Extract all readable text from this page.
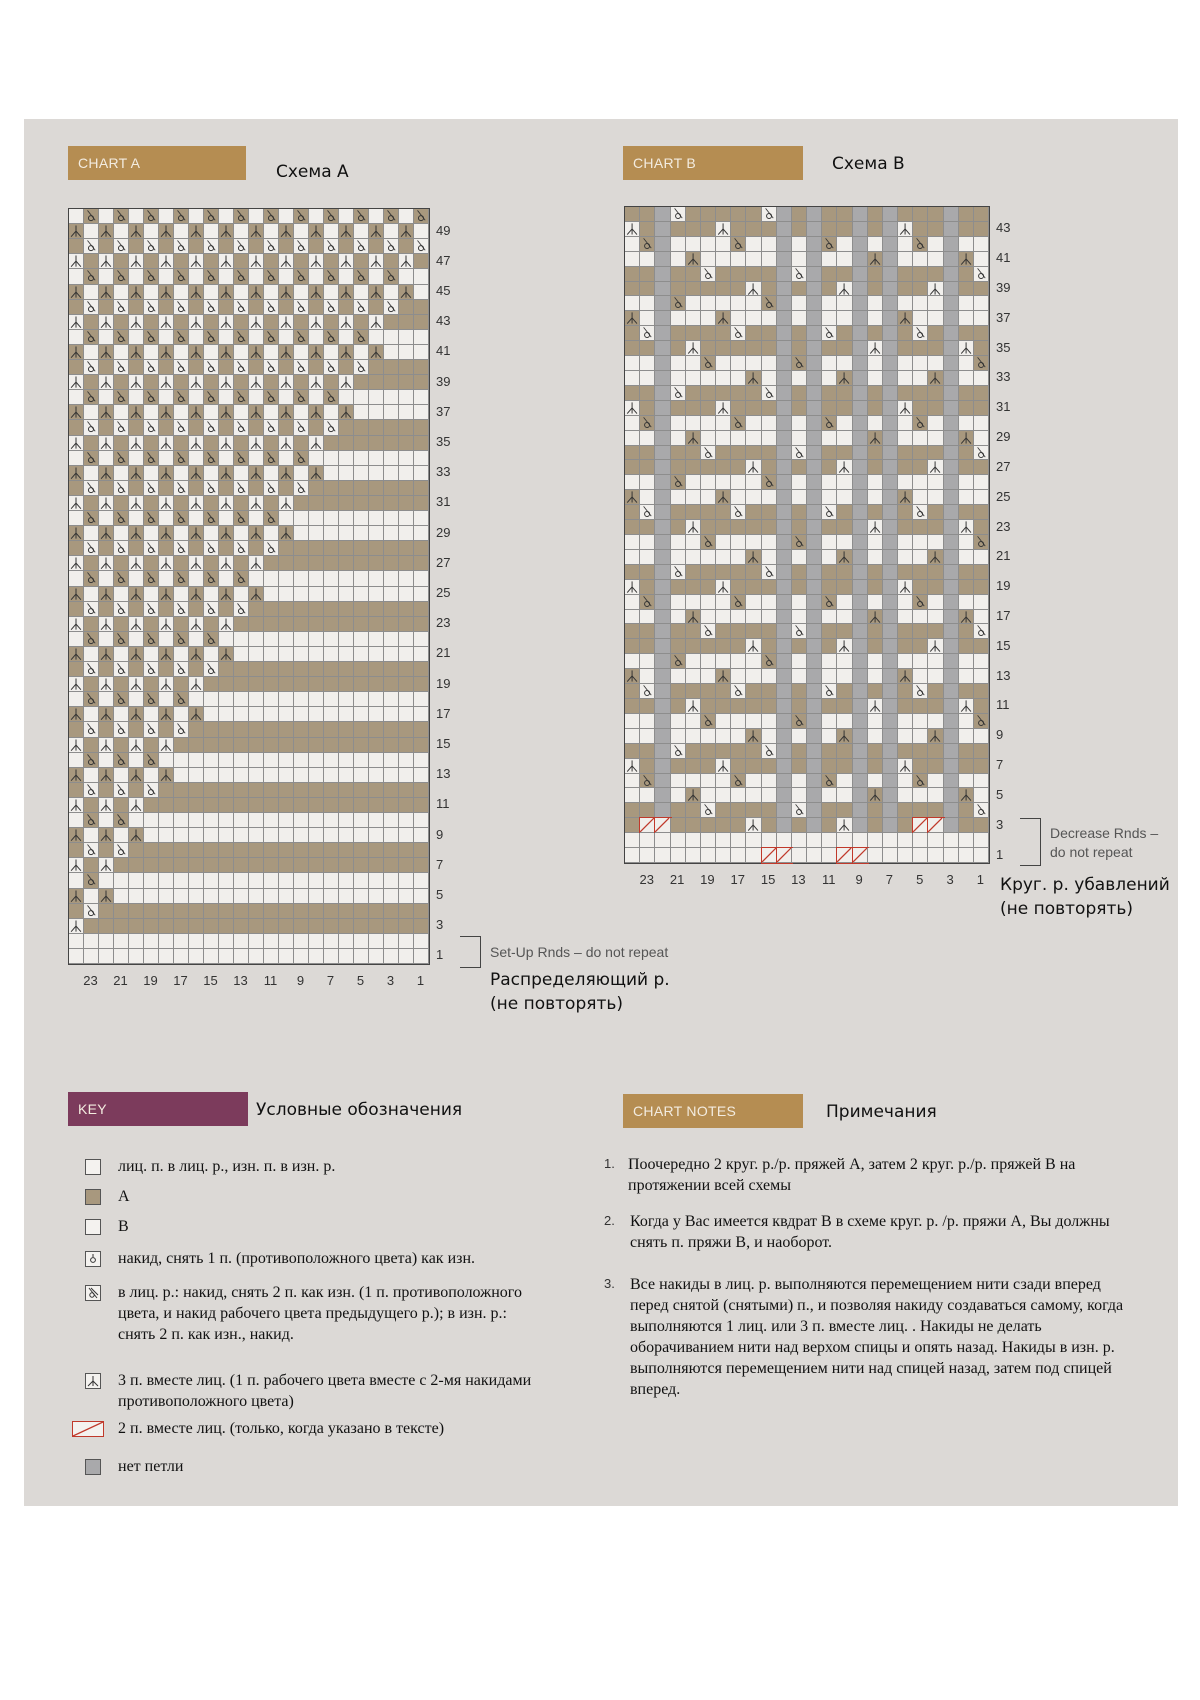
CHART A	Схема А
1
3
5
7
9
11
13
15
17
19
21
23
25
27
29
31
33
35
37
39
41
43
45
47
49
23	21	19	17	15	13	11	9	7	5	3	1
Set-Up Rnds – do not repeat
Распределяющий р.
(не повторять)
CHART B	Схема В
1
3
5
7
9
11
13
15
17
19
21
23
25
27
29
31
33
35
37
39
41
43
23	21	19	17	15	13	11	9	7	5	3	1
Decrease Rnds –
do not repeat
Круг. р. убавлений
(не повторять)
KEY	Условные обозначения
лиц. п. в лиц. р., изн. п. в изн. р.
A
B
накид, снять 1 п. (противоположного цвета) как изн.
в лиц. р.: накид, снять 2 п. как изн. (1 п. противоположного цвета, и накид рабочего цвета предыдущего р.); в изн. р.: снять 2 п. как изн., накид.
3 п. вместе лиц. (1 п. рабочего цвета вместе с 2-мя накидами противоположного цвета)
2 п. вместе лиц. (только, когда указано в тексте)
нет петли
CHART NOTES	Примечания
1. Поочередно 2 круг. р./р. пряжей А, затем 2 круг. р./р. пряжей В на протяжении всей схемы
2. Когда у Вас имеется квдрат В в схеме круг. р. /р. пряжи А, Вы должны снять п. пряжи В, и наоборот.
3. Все накиды в лиц. р. выполняются перемещением нити сзади вперед перед снятой (снятыми) п., и позволяя накиду создаваться самому, когда выполняются 1 лиц. или 3 п. вместе лиц. . Накиды не делать оборачиванием нити над верхом спицы и опять назад. Накиды в изн. р. выполняются перемещением нити над спицей назад, затем под спицей вперед.
